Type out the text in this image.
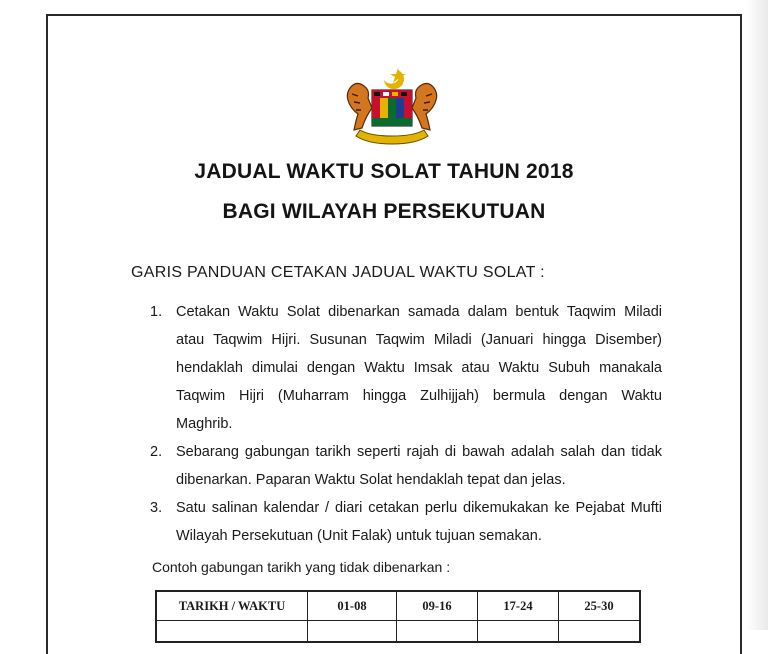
JADUAL WAKTU SOLAT TAHUN 2018
BAGI WILAYAH PERSEKUTUAN
GARIS PANDUAN CETAKAN JADUAL WAKTU SOLAT :
1. Cetakan Waktu Solat dibenarkan samada dalam bentuk Taqwim Miladi
atau Taqwim Hijri. Susunan Taqwim Miladi (Januari hingga Disember)
hendaklah dimulai dengan Waktu Imsak atau Waktu Subuh manakala
Taqwim Hijri (Muharram hingga Zulhijjah) bermula dengan Waktu
Maghrib.
2. Sebarang gabungan tarikh seperti rajah di bawah adalah salah dan tidak
dibenarkan. Paparan Waktu Solat hendaklah tepat dan jelas.
3. Satu salinan kalendar / diari cetakan perlu dikemukakan ke Pejabat Mufti
Wilayah Persekutuan (Unit Falak) untuk tujuan semakan.
Contoh gabungan tarikh yang tidak dibenarkan :
TARIKH / WAKTU	01-08	09-16	17-24	25-30
